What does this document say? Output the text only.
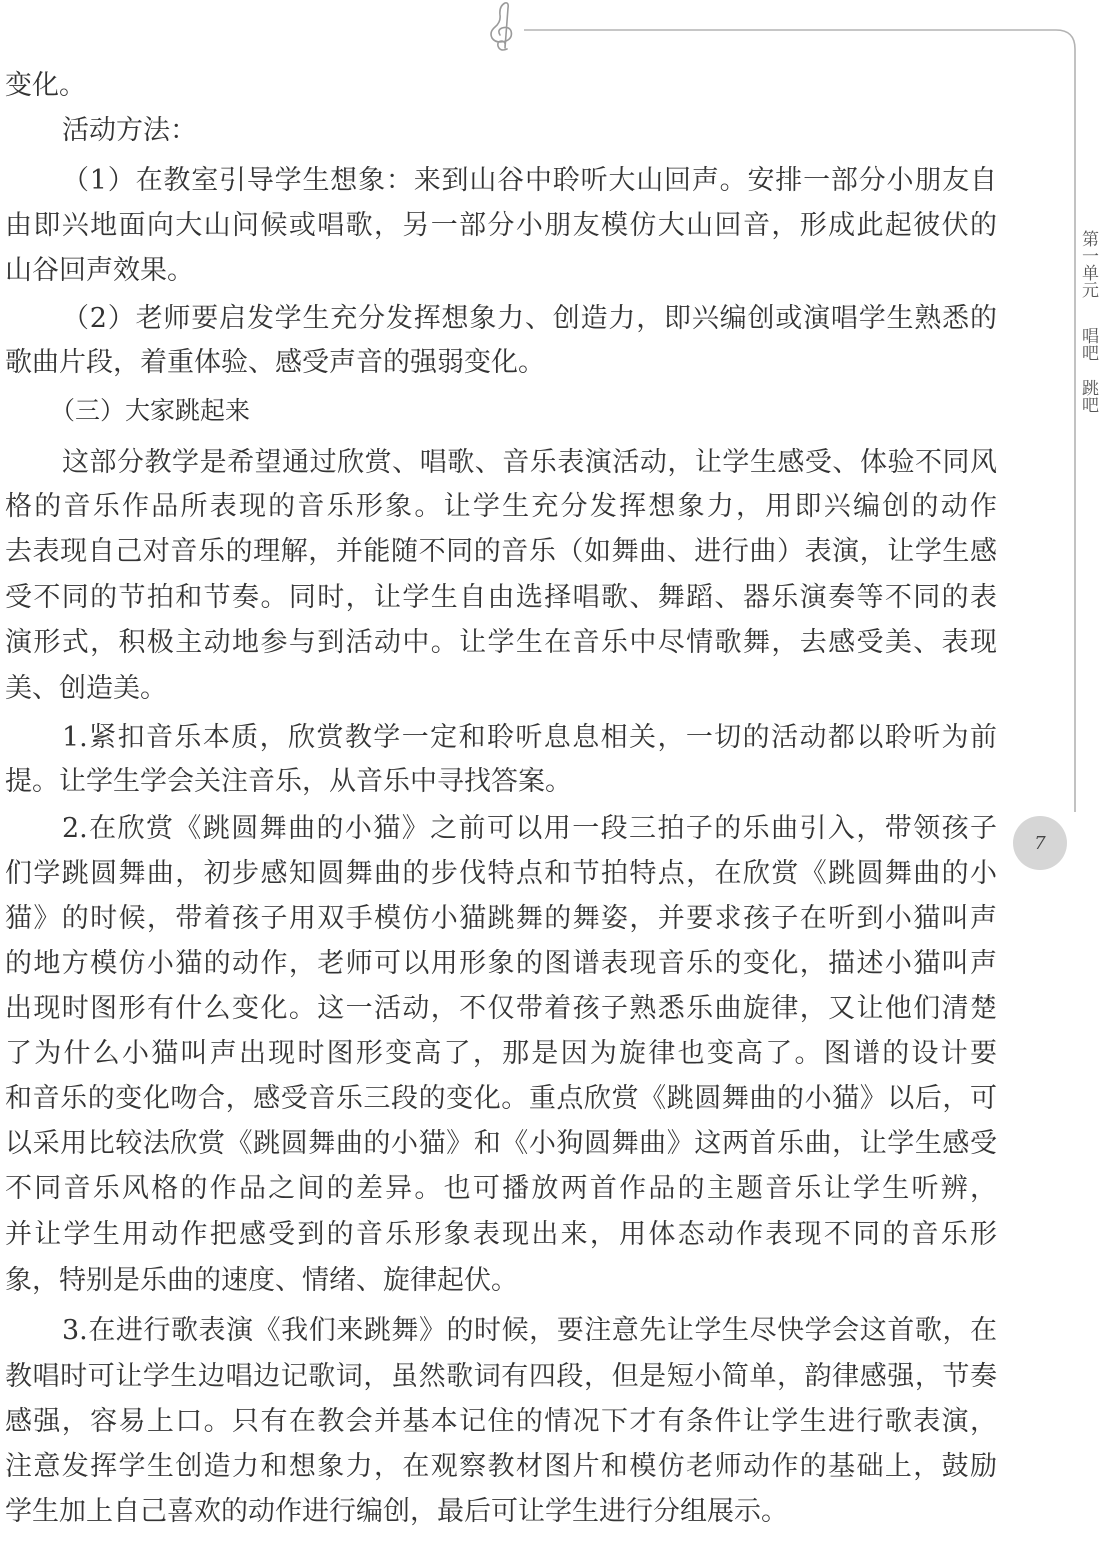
第一单元
唱吧
跳吧
7
变化。
活动方法：
（1）在教室引导学生想象：来到山谷中聆听大山回声。安排一部分小朋友自
由即兴地面向大山问候或唱歌，另一部分小朋友模仿大山回音，形成此起彼伏的
山谷回声效果。
（2）老师要启发学生充分发挥想象力、创造力，即兴编创或演唱学生熟悉的
歌曲片段，着重体验、感受声音的强弱变化。
（三）大家跳起来
这部分教学是希望通过欣赏、唱歌、音乐表演活动，让学生感受、体验不同风
格的音乐作品所表现的音乐形象。让学生充分发挥想象力，用即兴编创的动作
去表现自己对音乐的理解，并能随不同的音乐（如舞曲、进行曲）表演，让学生感
受不同的节拍和节奏。同时，让学生自由选择唱歌、舞蹈、器乐演奏等不同的表
演形式，积极主动地参与到活动中。让学生在音乐中尽情歌舞，去感受美、表现
美、创造美。
1.紧扣音乐本质，欣赏教学一定和聆听息息相关，一切的活动都以聆听为前
提。让学生学会关注音乐，从音乐中寻找答案。
2.在欣赏《跳圆舞曲的小猫》之前可以用一段三拍子的乐曲引入，带领孩子
们学跳圆舞曲，初步感知圆舞曲的步伐特点和节拍特点，在欣赏《跳圆舞曲的小
猫》的时候，带着孩子用双手模仿小猫跳舞的舞姿，并要求孩子在听到小猫叫声
的地方模仿小猫的动作，老师可以用形象的图谱表现音乐的变化，描述小猫叫声
出现时图形有什么变化。这一活动，不仅带着孩子熟悉乐曲旋律，又让他们清楚
了为什么小猫叫声出现时图形变高了，那是因为旋律也变高了。图谱的设计要
和音乐的变化吻合，感受音乐三段的变化。重点欣赏《跳圆舞曲的小猫》以后，可
以采用比较法欣赏《跳圆舞曲的小猫》和《小狗圆舞曲》这两首乐曲，让学生感受
不同音乐风格的作品之间的差异。也可播放两首作品的主题音乐让学生听辨，
并让学生用动作把感受到的音乐形象表现出来，用体态动作表现不同的音乐形
象，特别是乐曲的速度、情绪、旋律起伏。
3.在进行歌表演《我们来跳舞》的时候，要注意先让学生尽快学会这首歌，在
教唱时可让学生边唱边记歌词，虽然歌词有四段，但是短小简单，韵律感强，节奏
感强，容易上口。只有在教会并基本记住的情况下才有条件让学生进行歌表演，
注意发挥学生创造力和想象力，在观察教材图片和模仿老师动作的基础上，鼓励
学生加上自己喜欢的动作进行编创，最后可让学生进行分组展示。
